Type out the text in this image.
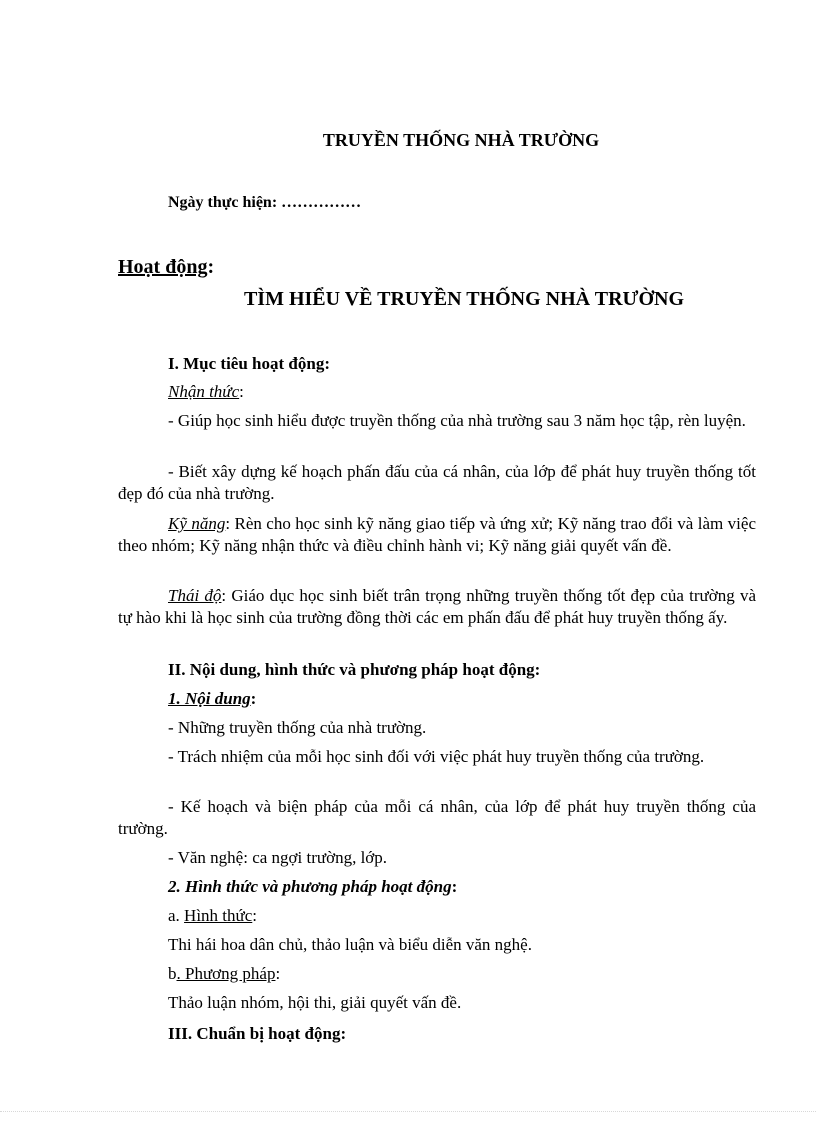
TRUYỀN THỐNG NHÀ TRƯỜNG
Ngày thực hiện: ……………
Hoạt động:
TÌM HIỂU VỀ TRUYỀN THỐNG NHÀ TRƯỜNG
I. Mục tiêu hoạt động:
Nhận thức:
- Giúp học sinh hiểu được truyền thống của nhà trường sau 3 năm học tập, rèn luyện.
- Biết xây dựng kế hoạch phấn đấu của cá nhân, của lớp để phát huy truyền thống tốt đẹp đó của nhà trường.
Kỹ năng: Rèn cho học sinh kỹ năng giao tiếp và ứng xử; Kỹ năng trao đổi và làm việc theo nhóm; Kỹ năng nhận thức và điều chỉnh hành vi; Kỹ năng giải quyết vấn đề.
Thái độ: Giáo dục học sinh biết trân trọng những truyền thống tốt đẹp của trường và tự hào khi là học sinh của trường đồng thời các em phấn đấu để phát huy truyền thống ấy.
II. Nội dung, hình thức và phương pháp hoạt động:
1. Nội dung:
- Những truyền thống của nhà trường.
- Trách nhiệm của mỗi học sinh đối với việc phát huy truyền thống của trường.
- Kế hoạch và biện pháp của mỗi cá nhân, của lớp để phát huy truyền thống của trường.
- Văn nghệ: ca ngợi trường, lớp.
2. Hình thức và phương pháp hoạt động:
a. Hình thức:
Thi hái hoa dân chủ, thảo luận và biểu diễn văn nghệ.
b. Phương pháp:
Thảo luận nhóm, hội thi, giải quyết vấn đề.
III. Chuẩn bị hoạt động:
